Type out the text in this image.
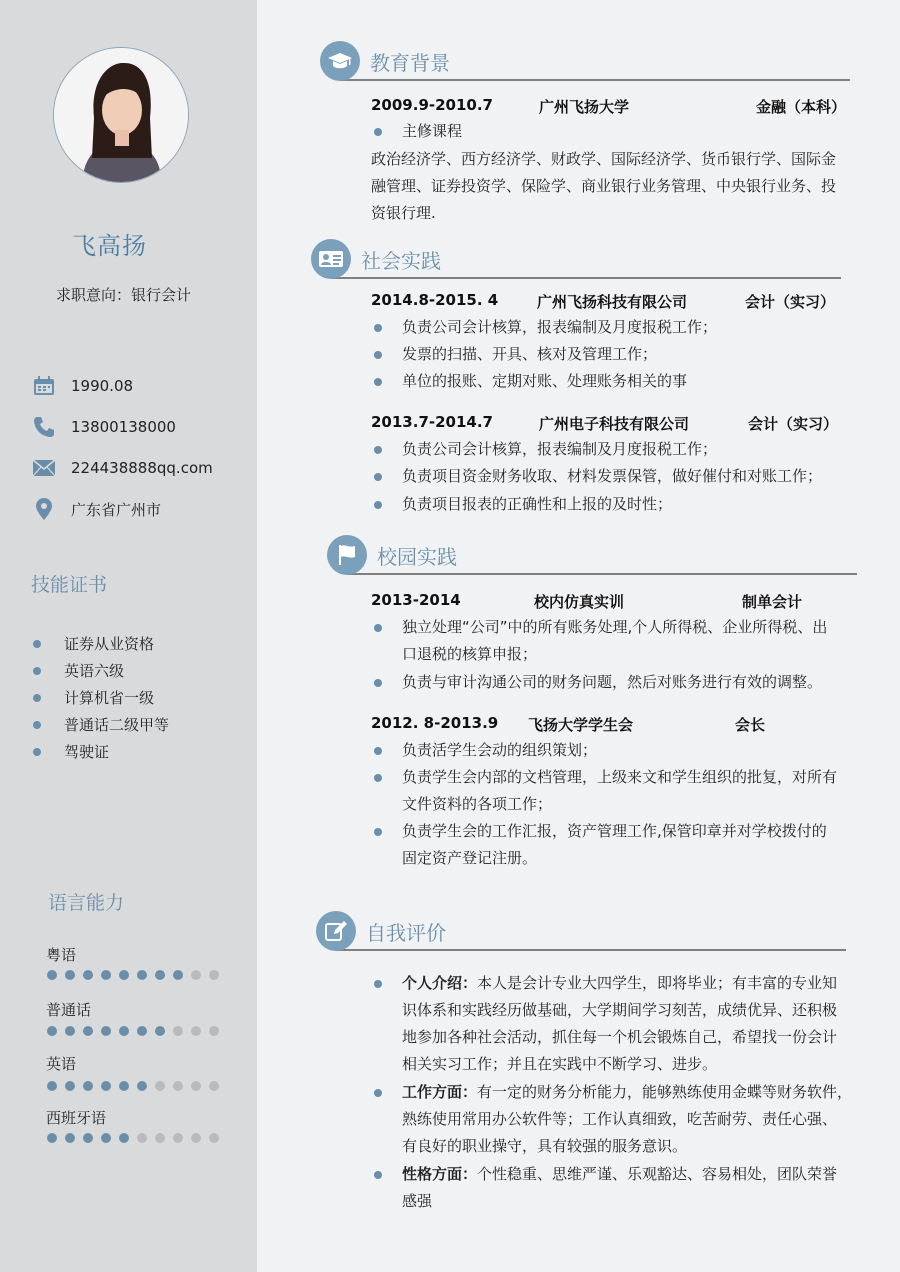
飞高扬
求职意向：银行会计
1990.08
13800138000
224438888qq.com
广东省广州市
技能证书
证券从业资格
英语六级
计算机省一级
普通话二级甲等
驾驶证
语言能力
粤语
普通话
英语
西班牙语
教育背景
2009.9-2010.7	广州飞扬大学	金融（本科）
主修课程
政治经济学、西方经济学、财政学、国际经济学、货币银行学、国际金
融管理、证券投资学、保险学、商业银行业务管理、中央银行业务、投
资银行理.
社会实践
2014.8-2015. 4	广州飞扬科技有限公司	会计（实习）
负责公司会计核算，报表编制及月度报税工作；
发票的扫描、开具、核对及管理工作；
单位的报账、定期对账、处理账务相关的事
2013.7-2014.7	广州电子科技有限公司	会计（实习）
负责公司会计核算，报表编制及月度报税工作；
负责项目资金财务收取、材料发票保管，做好催付和对账工作；
负责项目报表的正确性和上报的及时性；
校园实践
2013-2014	校内仿真实训	制单会计
独立处理“公司”中的所有账务处理,个人所得税、企业所得税、出
口退税的核算申报；
负责与审计沟通公司的财务问题，然后对账务进行有效的调整。
2012. 8-2013.9 飞扬大学学生会	会长
负责活学生会动的组织策划；
负责学生会内部的文档管理，上级来文和学生组织的批复，对所有
文件资料的各项工作；
负责学生会的工作汇报，资产管理工作,保管印章并对学校拨付的
固定资产登记注册。
自我评价
个人介绍：本人是会计专业大四学生，即将毕业；有丰富的专业知
识体系和实践经历做基础，大学期间学习刻苦，成绩优异、还积极
地参加各种社会活动，抓住每一个机会锻炼自己，希望找一份会计
相关实习工作；并且在实践中不断学习、进步。
工作方面：有一定的财务分析能力，能够熟练使用金蝶等财务软件，
熟练使用常用办公软件等；工作认真细致，吃苦耐劳、责任心强、
有良好的职业操守，具有较强的服务意识。
性格方面：个性稳重、思维严谨、乐观豁达、容易相处，团队荣誉
感强
